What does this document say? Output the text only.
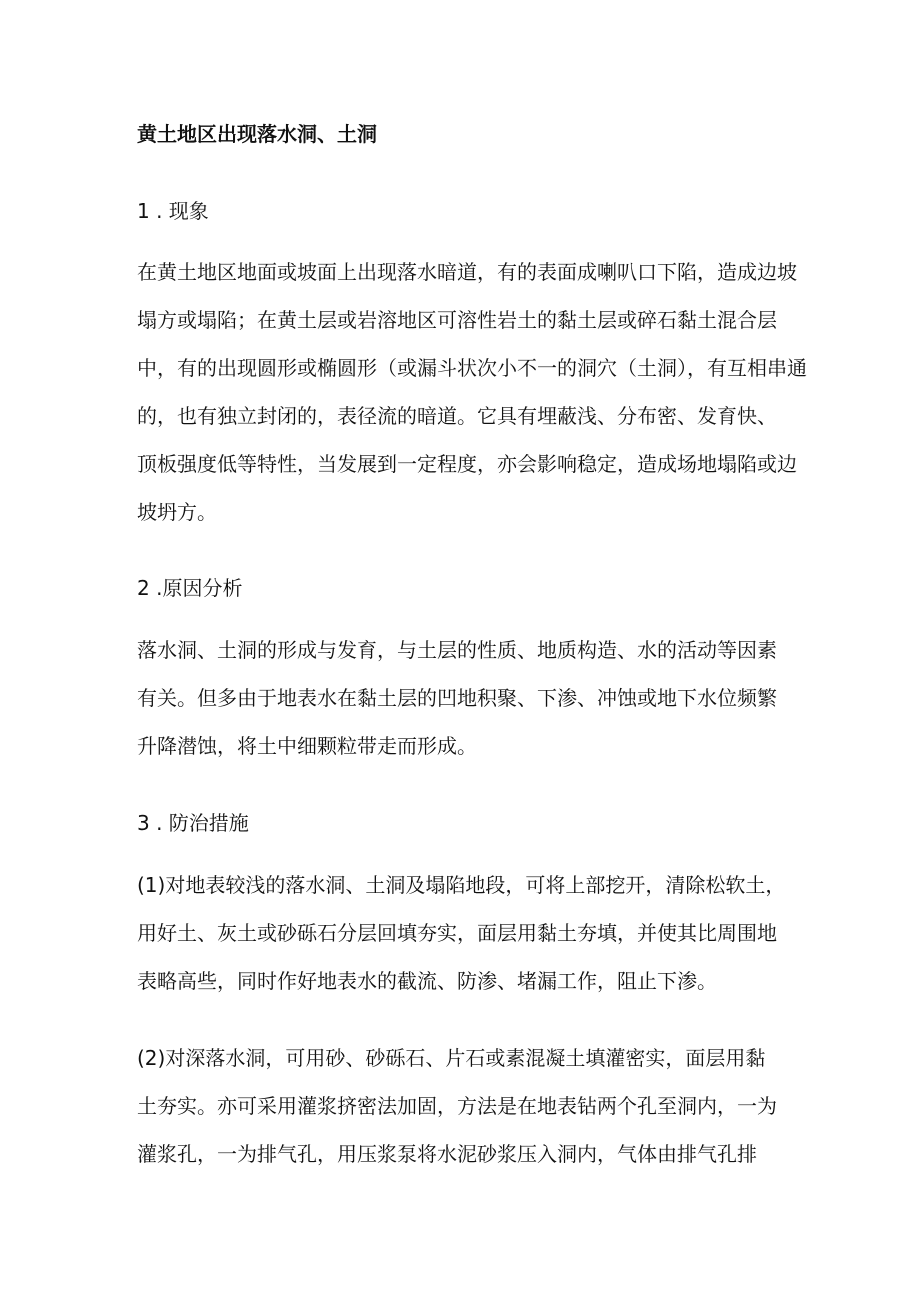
黄土地区出现落水洞、土洞
1 . 现象
在黄土地区地面或坡面上出现落水暗道，有的表面成喇叭口下陷，造成边坡
塌方或塌陷；在黄土层或岩溶地区可溶性岩土的黏土层或碎石黏土混合层
中，有的出现圆形或椭圆形（或漏斗状次小不一的洞穴（土洞），有互相串通
的，也有独立封闭的，表径流的暗道。它具有埋蔽浅、分布密、发育快、
顶板强度低等特性，当发展到一定程度，亦会影响稳定，造成场地塌陷或边
坡坍方。
2 .原因分析
落水洞、土洞的形成与发育，与土层的性质、地质构造、水的活动等因素
有关。但多由于地表水在黏土层的凹地积聚、下渗、冲蚀或地下水位频繁
升降潜蚀，将土中细颗粒带走而形成。
3 . 防治措施
(1)对地表较浅的落水洞、土洞及塌陷地段，可将上部挖开，清除松软土，
用好土、灰土或砂砾石分层回填夯实，面层用黏土夯填，并使其比周围地
表略高些，同时作好地表水的截流、防渗、堵漏工作，阻止下渗。
(2)对深落水洞，可用砂、砂砾石、片石或素混凝土填灌密实，面层用黏
土夯实。亦可采用灌浆挤密法加固，方法是在地表钻两个孔至洞内，一为
灌浆孔，一为排气孔，用压浆泵将水泥砂浆压入洞内，气体由排气孔排
